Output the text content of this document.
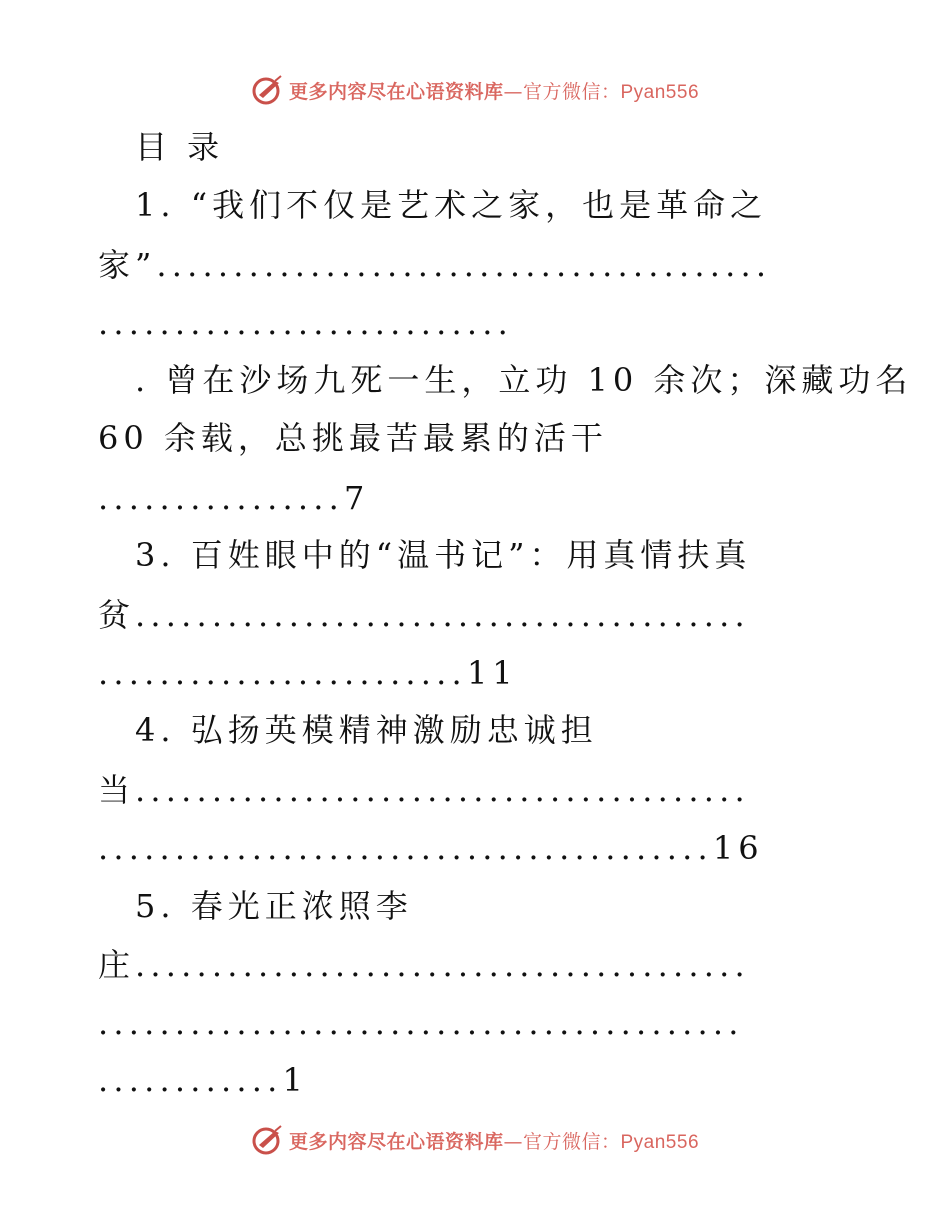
更多内容尽在心语资料库—官方微信：Pyan556
目 录
1. “我们不仅是艺术之家，也是革命之
家”........................................
...........................
. 曾在沙场九死一生，立功 10 余次；深藏功名
60 余载，总挑最苦最累的活干
................7
3. 百姓眼中的“温书记”：用真情扶真
贫........................................
........................11
4. 弘扬英模精神激励忠诚担
当........................................
........................................16
5. 春光正浓照李
庄........................................
..........................................
............1
更多内容尽在心语资料库—官方微信：Pyan556
